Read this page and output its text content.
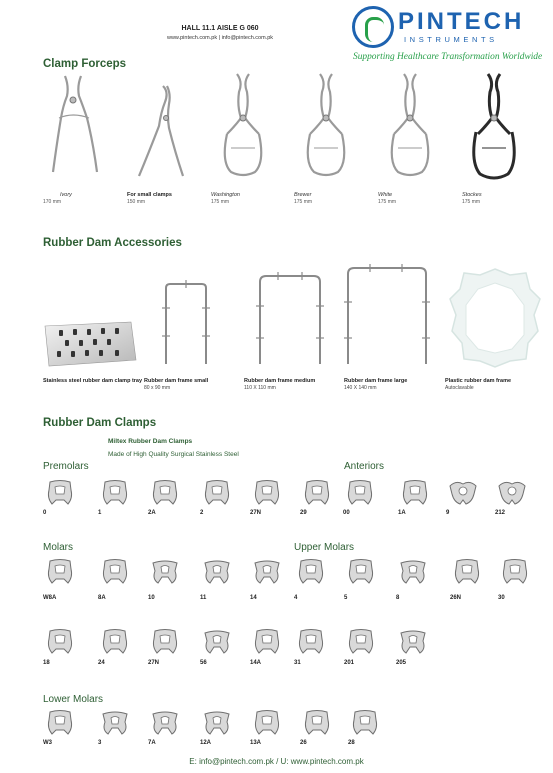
HALL 11.1 AISLE G 060
www.pintech.com.pk | info@pintech.com.pk
PINTECH
INSTRUMENTS
Supporting Healthcare Transformation Worldwide
Clamp Forceps
Ivory
170 mm
For small clamps
150 mm
Washington
175 mm
Brewer
175 mm
White
175 mm
Stockes
175 mm
Rubber Dam Accessories
Stainless steel rubber dam clamp tray Rubber dam frame small
80 x 90 mm
Rubber dam frame medium
110 X 110 mm
Rubber dam frame large
140 X 140 mm
Plastic rubber dam frame
Autoclavable
Rubber Dam Clamps
Miltex Rubber Dam Clamps
Made of High Quality Surgical Stainless Steel
Premolars	Anteriors
Molars	Upper Molars
Lower Molars
0	1	2A	2	27N	29	00	1A	9	212
W8A	8A	10	11	14	4	5	8	26N	30
18	24	27N	56	14A	31	201	205
W3	3	7A	12A	13A	26	28
E: info@pintech.com.pk / U: www.pintech.com.pk
